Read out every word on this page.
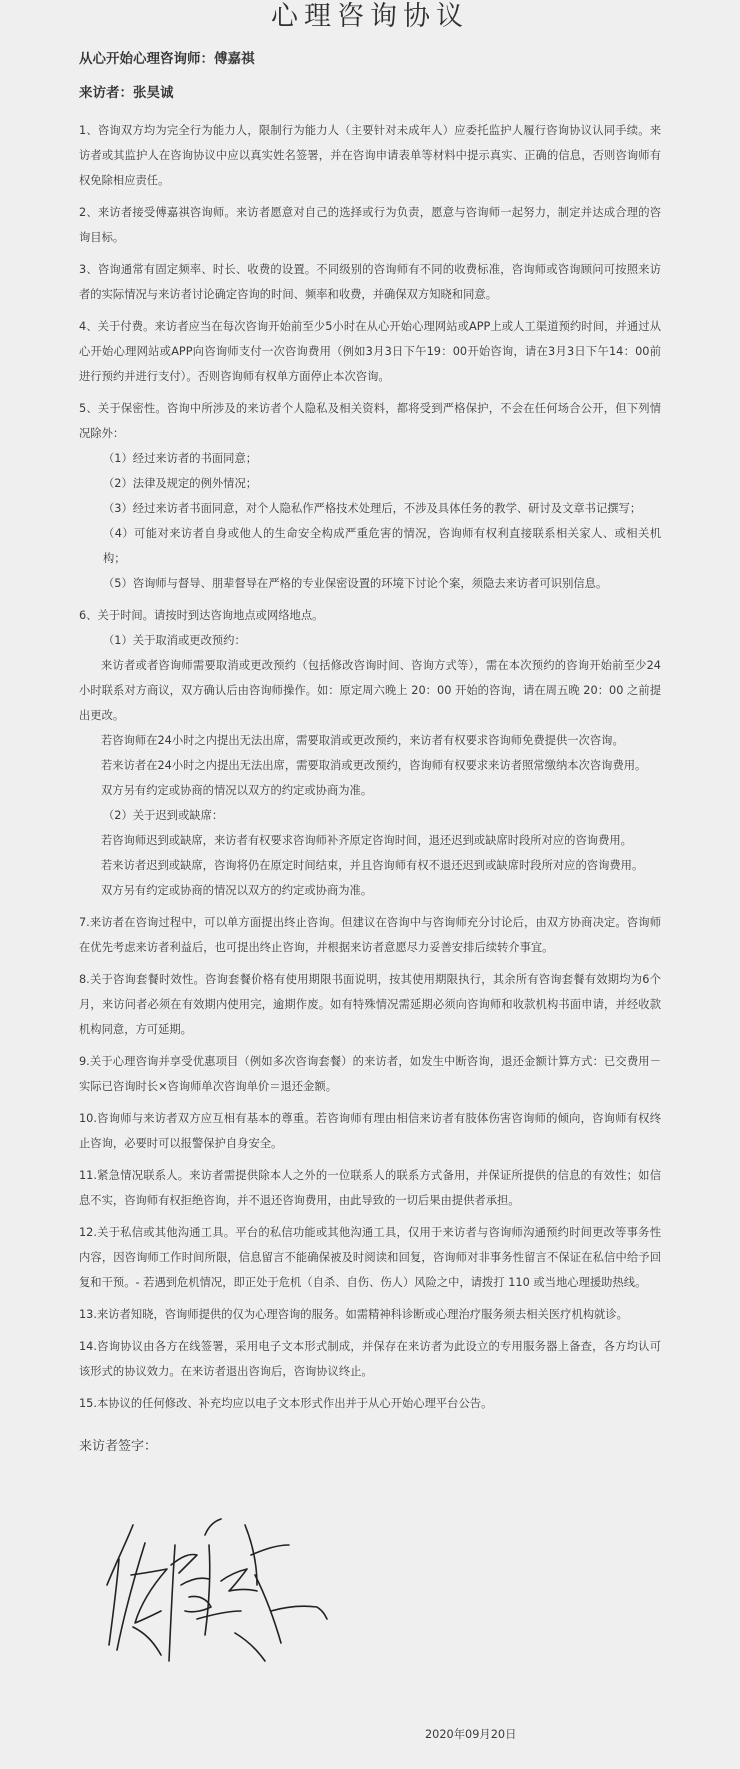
心理咨询协议

从心开始心理咨询师：傅嘉祺

来访者：张昊诚

1、咨询双方均为完全行为能力人，限制行为能力人（主要针对未成年人）应委托监护人履行咨询协议认同手续。来访者或其监护人在咨询协议中应以真实姓名签署，并在咨询申请表单等材料中提示真实、正确的信息，否则咨询师有权免除相应责任。

2、来访者接受傅嘉祺咨询师。来访者愿意对自己的选择或行为负责，愿意与咨询师一起努力，制定并达成合理的咨询目标。

3、咨询通常有固定频率、时长、收费的设置。不同级别的咨询师有不同的收费标准，咨询师或咨询顾问可按照来访者的实际情况与来访者讨论确定咨询的时间、频率和收费，并确保双方知晓和同意。

4、关于付费。来访者应当在每次咨询开始前至少5小时在从心开始心理网站或APP上或人工渠道预约时间，并通过从心开始心理网站或APP向咨询师支付一次咨询费用（例如3月3日下午19：00开始咨询，请在3月3日下午14：00前进行预约并进行支付）。否则咨询师有权单方面停止本次咨询。

5、关于保密性。咨询中所涉及的来访者个人隐私及相关资料，都将受到严格保护，不会在任何场合公开，但下列情况除外：

（1）经过来访者的书面同意；
（2）法律及规定的例外情况；
（3）经过来访者书面同意，对个人隐私作严格技术处理后，不涉及具体任务的教学、研讨及文章书记撰写；
（4）可能对来访者自身或他人的生命安全构成严重危害的情况，咨询师有权利直接联系相关家人、或相关机构；
（5）咨询师与督导、朋辈督导在严格的专业保密设置的环境下讨论个案，须隐去来访者可识别信息。
6、关于时间。请按时到达咨询地点或网络地点。
（1）关于取消或更改预约：
来访者或者咨询师需要取消或更改预约（包括修改咨询时间、咨询方式等），需在本次预约的咨询开始前至少24小时联系对方商议，双方确认后由咨询师操作。如：原定周六晚上 20：00 开始的咨询，请在周五晚 20：00 之前提出更改。
若咨询师在24小时之内提出无法出席，需要取消或更改预约，来访者有权要求咨询师免费提供一次咨询。
若来访者在24小时之内提出无法出席，需要取消或更改预约，咨询师有权要求来访者照常缴纳本次咨询费用。
双方另有约定或协商的情况以双方的约定或协商为准。
（2）关于迟到或缺席：
若咨询师迟到或缺席，来访者有权要求咨询师补齐原定咨询时间，退还迟到或缺席时段所对应的咨询费用。
若来访者迟到或缺席，咨询将仍在原定时间结束，并且咨询师有权不退还迟到或缺席时段所对应的咨询费用。
双方另有约定或协商的情况以双方的约定或协商为准。

7.来访者在咨询过程中，可以单方面提出终止咨询。但建议在咨询中与咨询师充分讨论后，由双方协商决定。咨询师在优先考虑来访者利益后，也可提出终止咨询，并根据来访者意愿尽力妥善安排后续转介事宜。

8.关于咨询套餐时效性。咨询套餐价格有使用期限书面说明，按其使用期限执行，其余所有咨询套餐有效期均为6个月，来访问者必须在有效期内使用完，逾期作废。如有特殊情况需延期必须向咨询师和收款机构书面申请，并经收款机构同意，方可延期。

9.关于心理咨询并享受优惠项目（例如多次咨询套餐）的来访者，如发生中断咨询，退还金额计算方式：已交费用－实际已咨询时长×咨询师单次咨询单价＝退还金额。

10.咨询师与来访者双方应互相有基本的尊重。若咨询师有理由相信来访者有肢体伤害咨询师的倾向，咨询师有权终止咨询，必要时可以报警保护自身安全。

11.紧急情况联系人。来访者需提供除本人之外的一位联系人的联系方式备用，并保证所提供的信息的有效性；如信息不实，咨询师有权拒绝咨询，并不退还咨询费用，由此导致的一切后果由提供者承担。

12.关于私信或其他沟通工具。平台的私信功能或其他沟通工具，仅用于来访者与咨询师沟通预约时间更改等事务性内容，因咨询师工作时间所限，信息留言不能确保被及时阅读和回复，咨询师对非事务性留言不保证在私信中给予回复和干预。- 若遇到危机情况，即正处于危机（自杀、自伤、伤人）风险之中，请拨打 110 或当地心理援助热线。

13.来访者知晓，咨询师提供的仅为心理咨询的服务。如需精神科诊断或心理治疗服务须去相关医疗机构就诊。

14.咨询协议由各方在线签署，采用电子文本形式制成，并保存在来访者为此设立的专用服务器上备查，各方均认可该形式的协议效力。在来访者退出咨询后，咨询协议终止。

15.本协议的任何修改、补充均应以电子文本形式作出并于从心开始心理平台公告。

来访者签字：
2020年09月20日
